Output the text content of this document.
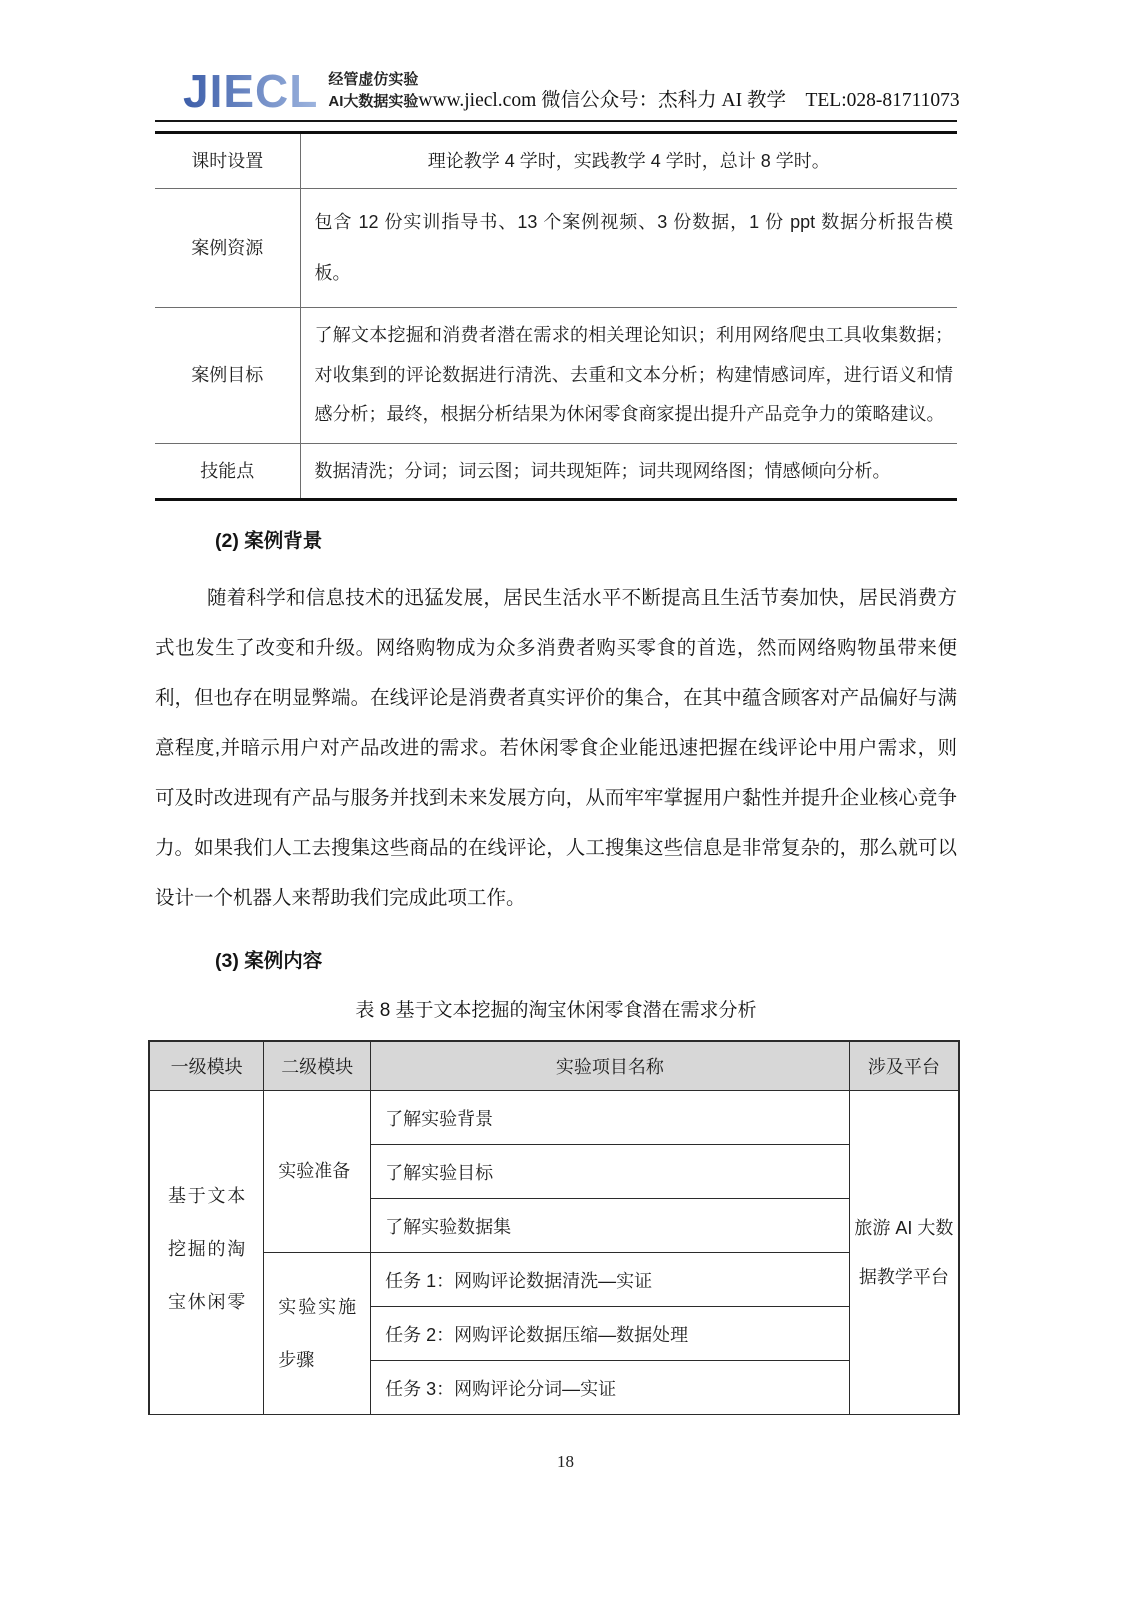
JIECL 经管虚仿实验
AI大数据实验 www.jiecl.com 微信公众号：杰科力 AI 教学　TEL:028-81711073
课时设置	理论教学 4 学时，实践教学 4 学时，总计 8 学时。
案例资源	包含 12 份实训指导书、13 个案例视频、3 份数据，1 份 ppt 数据分析报告模板。
案例目标	了解文本挖掘和消费者潜在需求的相关理论知识；利用网络爬虫工具收集数据；对收集到的评论数据进行清洗、去重和文本分析；构建情感词库，进行语义和情感分析；最终，根据分析结果为休闲零食商家提出提升产品竞争力的策略建议。
技能点	数据清洗；分词；词云图；词共现矩阵；词共现网络图；情感倾向分析。
(2) 案例背景

随着科学和信息技术的迅猛发展，居民生活水平不断提高且生活节奏加快，居民消费方式也发生了改变和升级。网络购物成为众多消费者购买零食的首选，然而网络购物虽带来便利，但也存在明显弊端。在线评论是消费者真实评价的集合，在其中蕴含顾客对产品偏好与满意程度,并暗示用户对产品改进的需求。若休闲零食企业能迅速把握在线评论中用户需求，则可及时改进现有产品与服务并找到未来发展方向，从而牢牢掌握用户黏性并提升企业核心竞争力。如果我们人工去搜集这些商品的在线评论，人工搜集这些信息是非常复杂的，那么就可以设计一个机器人来帮助我们完成此项工作。

(3) 案例内容
表 8 基于文本挖掘的淘宝休闲零食潜在需求分析
一级模块	二级模块	实验项目名称	涉及平台
基于文本挖掘的淘宝休闲零	实验准备	了解实验背景	旅游 AI 大数据教学平台
		了解实验目标	
		了解实验数据集	
	实验实施步骤	任务 1：网购评论数据清洗—实证	
		任务 2：网购评论数据压缩—数据处理	
		任务 3：网购评论分词—实证	
18
